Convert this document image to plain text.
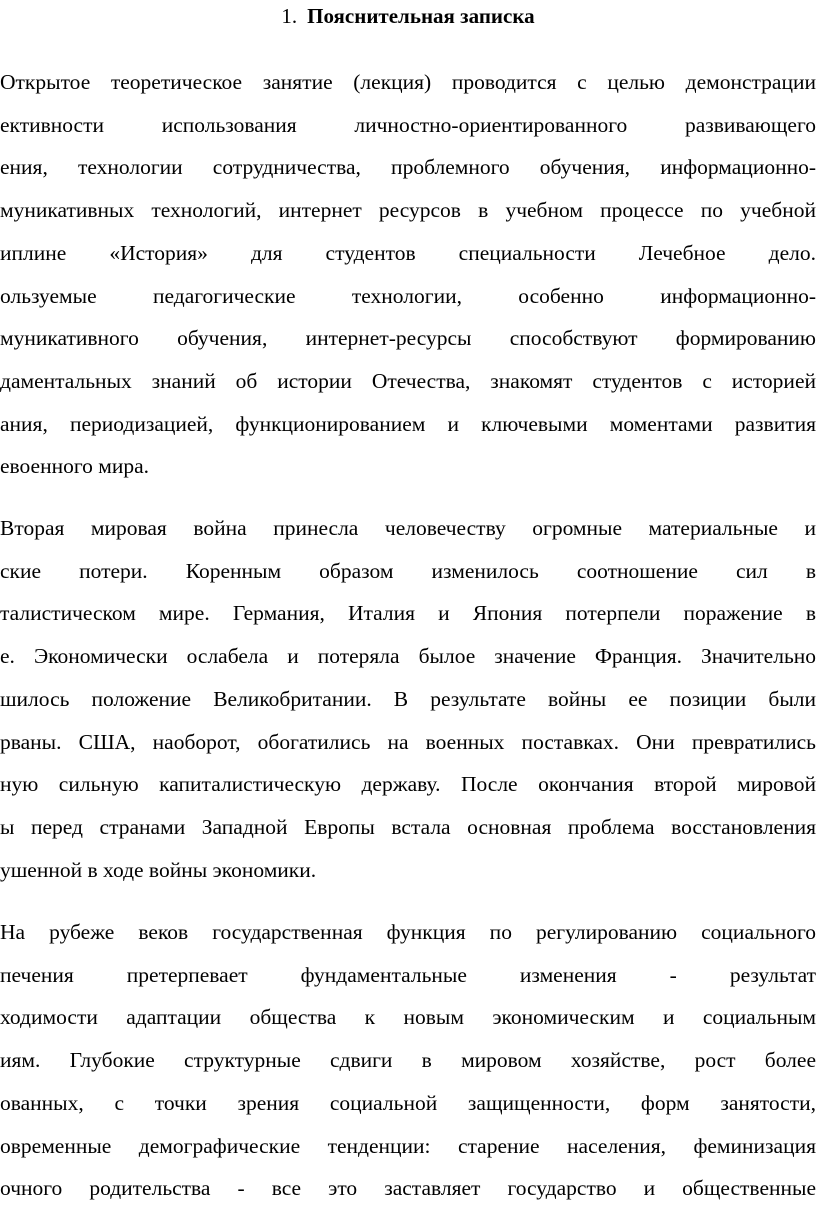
1. Пояснительная записка
Открытое теоретическое занятие (лекция) проводится с целью демонстрации
ективности использования личностно-ориентированного развивающего
ения, технологии сотрудничества, проблемного обучения, информационно-
муникативных технологий, интернет ресурсов в учебном процессе по учебной
иплине «История» для студентов специальности Лечебное дело.
ользуемые педагогические технологии, особенно информационно-
муникативного обучения, интернет-ресурсы способствуют формированию
даментальных знаний об истории Отечества, знакомят студентов с историей
ания, периодизацией, функционированием и ключевыми моментами развития
евоенного мира.
Вторая мировая война принесла человечеству огромные материальные и
ские потери. Коренным образом изменилось соотношение сил в
талистическом мире. Германия, Италия и Япония потерпели поражение в
е. Экономически ослабела и потеряла былое значение Франция. Значительно
шилось положение Великобритании. В результате войны ее позиции были
рваны. США, наоборот, обогатились на военных поставках. Они превратились
ную сильную капиталистическую державу. После окончания второй мировой
ы перед странами Западной Европы встала основная проблема восстановления
ушенной в ходе войны экономики.
На рубеже веков государственная функция по регулированию социального
печения претерпевает фундаментальные изменения - результат
ходимости адаптации общества к новым экономическим и социальным
иям. Глубокие структурные сдвиги в мировом хозяйстве, рост более
ованных, с точки зрения социальной защищенности, форм занятости,
овременные демографические тенденции: старение населения, феминизация
очного родительства - все это заставляет государство и общественные
